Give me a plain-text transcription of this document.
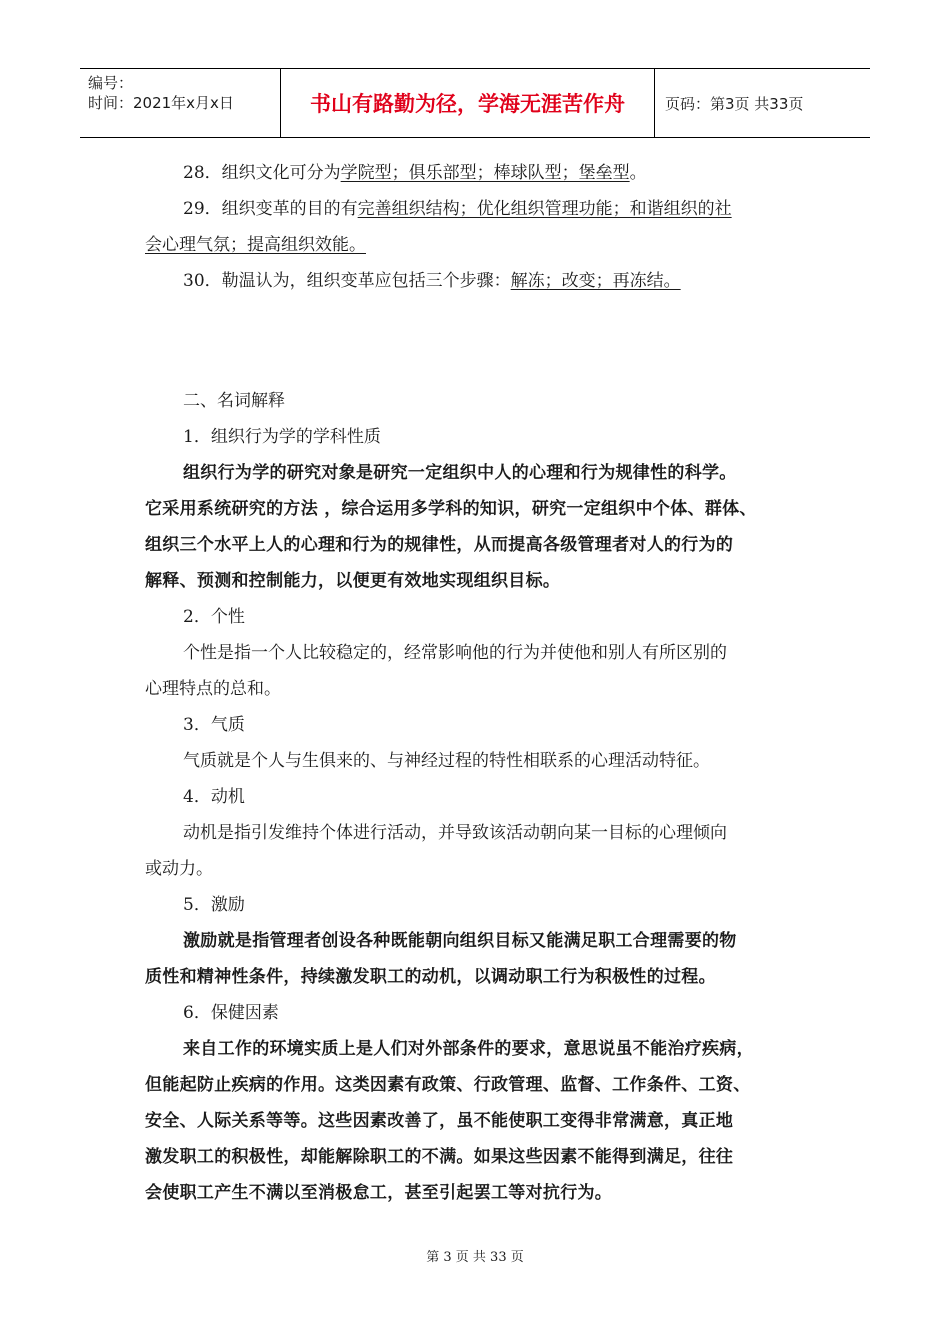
编号：
时间：2021年x月x日	书山有路勤为径，学海无涯苦作舟	页码：第3页 共33页
28．组织文化可分为学院型；俱乐部型；棒球队型；堡垒型。
29．组织变革的目的有完善组织结构；优化组织管理功能；和谐组织的社
会心理气氛；提高组织效能。
30．勒温认为，组织变革应包括三个步骤：解冻；改变；再冻结。
二、名词解释
1．组织行为学的学科性质
组织行为学的研究对象是研究一定组织中人的心理和行为规律性的科学。
它采用系统研究的方法 ，综合运用多学科的知识，研究一定组织中个体、群体、
组织三个水平上人的心理和行为的规律性，从而提高各级管理者对人的行为的
解释、预测和控制能力，以便更有效地实现组织目标。
2．个性
个性是指一个人比较稳定的，经常影响他的行为并使他和别人有所区别的
心理特点的总和。
3．气质
气质就是个人与生俱来的、与神经过程的特性相联系的心理活动特征。
4．动机
动机是指引发维持个体进行活动，并导致该活动朝向某一目标的心理倾向
或动力。
5．激励
激励就是指管理者创设各种既能朝向组织目标又能满足职工合理需要的物
质性和精神性条件，持续激发职工的动机，以调动职工行为积极性的过程。
6．保健因素
来自工作的环境实质上是人们对外部条件的要求，意思说虽不能治疗疾病，
但能起防止疾病的作用。这类因素有政策、行政管理、监督、工作条件、工资、
安全、人际关系等等。这些因素改善了，虽不能使职工变得非常满意，真正地
激发职工的积极性，却能解除职工的不满。如果这些因素不能得到满足，往往
会使职工产生不满以至消极怠工，甚至引起罢工等对抗行为。
第 3 页 共 33 页
